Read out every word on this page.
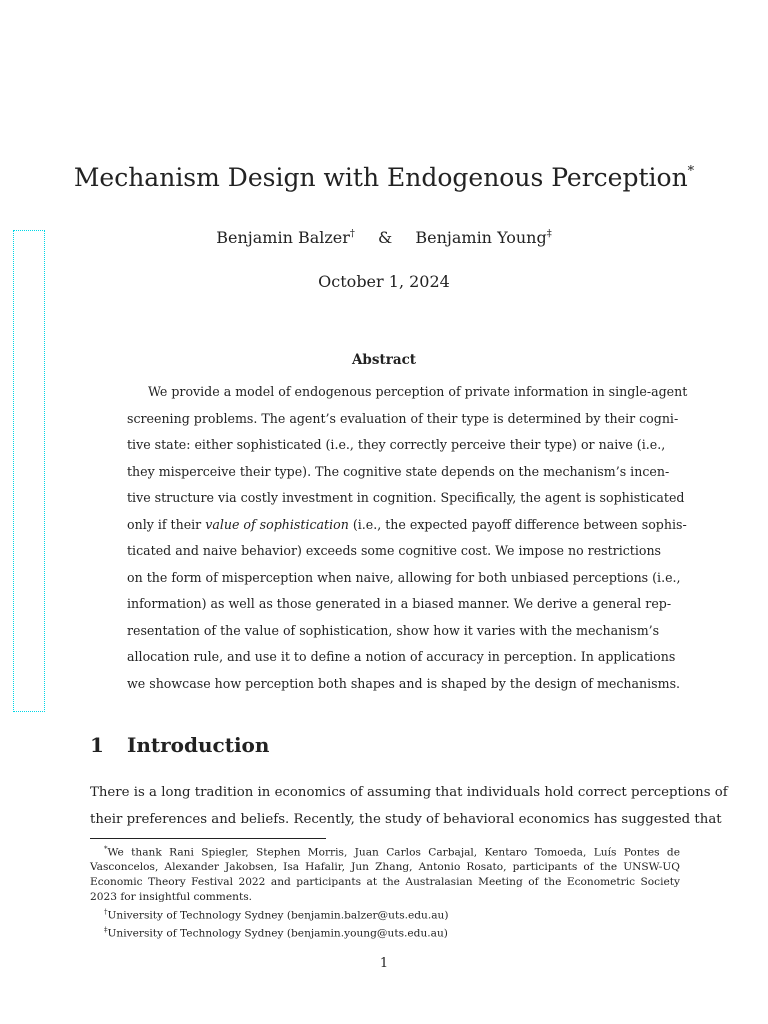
Mechanism Design with Endogenous Perception*
Benjamin Balzer† & Benjamin Young‡
October 1, 2024
Abstract
We provide a model of endogenous perception of private information in single-agent
screening problems. The agent’s evaluation of their type is determined by their cogni-
tive state: either sophisticated (i.e., they correctly perceive their type) or naive (i.e.,
they misperceive their type). The cognitive state depends on the mechanism’s incen-
tive structure via costly investment in cognition. Specifically, the agent is sophisticated
only if their value of sophistication (i.e., the expected payoff difference between sophis-
ticated and naive behavior) exceeds some cognitive cost. We impose no restrictions
on the form of misperception when naive, allowing for both unbiased perceptions (i.e.,
information) as well as those generated in a biased manner. We derive a general rep-
resentation of the value of sophistication, show how it varies with the mechanism’s
allocation rule, and use it to define a notion of accuracy in perception. In applications
we showcase how perception both shapes and is shaped by the design of mechanisms.
1 Introduction
There is a long tradition in economics of assuming that individuals hold correct perceptions of
their preferences and beliefs. Recently, the study of behavioral economics has suggested that
*We thank Rani Spiegler, Stephen Morris, Juan Carlos Carbajal, Kentaro Tomoeda, Luís Pontes de
Vasconcelos, Alexander Jakobsen, Isa Hafalir, Jun Zhang, Antonio Rosato, participants of the UNSW-UQ
Economic Theory Festival 2022 and participants at the Australasian Meeting of the Econometric Society
2023 for insightful comments.
†University of Technology Sydney (benjamin.balzer@uts.edu.au)
‡University of Technology Sydney (benjamin.young@uts.edu.au)
1
